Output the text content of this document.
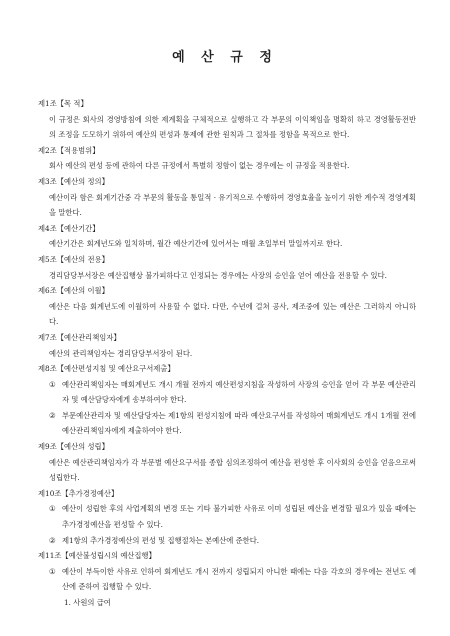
예 산 규 정
제1조【목 적】
이 규정은 회사의 경영방침에 의한 제계획을 구체적으로 실행하고 각 부문의 이익책임을 명확히 하고 경영활동전반의 조정을 도모하기 위하여 예산의 편성과 통제에 관한 원칙과 그 절차를 정함을 목적으로 한다.
제2조【적용범위】
회사 예산의 편성 등에 관하여 다른 규정에서 특별히 정함이 없는 경우에는 이 규정을 적용한다.
제3조【예산의 정의】
예산이라 함은 회계기간중 각 부문의 활동을 통일적 · 유기적으로 수행하여 경영효율을 높이기 위한 계수적 경영계획을 말한다.
제4조【예산기간】
예산기간은 회계년도와 일치하며, 월간 예산기간에 있어서는 매월 초일부터 말일까지로 한다.
제5조【예산의 전용】
경리담당부서장은 예산집행상 불가피하다고 인정되는 경우에는 사장의 승인을 얻어 예산을 전용할 수 있다.
제6조【예산의 이월】
예산은 다음 회계년도에 이월하여 사용할 수 없다. 다만, 수년에 걸쳐 공사, 제조중에 있는 예산은 그러하지 아니하다.
제7조【예산관리책임자】
예산의 관리책임자는 경리담당부서장이 된다.
제8조【예산편성지침 및 예산요구서제출】
① 예산관리책임자는 매회계년도 개시 개월 전까지 예산편성지침을 작성하여 사장의 승인을 얻어 각 부문 예산관리자 및 예산담당자에게 송부하여야 한다.
② 부문예산관리자 및 예산담당자는 제1항의 편성지침에 따라 예산요구서를 작성하여 매회계년도 개시 1개월 전에 예산관리책임자에게 제출하여야 한다.
제9조【예산의 성립】
예산은 예산관리책임자가 각 부문별 예산요구서를 종합 심의조정하여 예산을 편성한 후 이사회의 승인을 얻음으로써 성립한다.
제10조【추가경정예산】
① 예산이 성립한 후의 사업계획의 변경 또는 기타 불가피한 사유로 이미 성립된 예산을 변경할 필요가 있을 때에는 추가경정예산을 편성할 수 있다.
② 제1항의 추가경정예산의 편성 및 집행절차는 본예산에 준한다.
제11조【예산불성립시의 예산집행】
① 예산이 부득이한 사유로 인하여 회계년도 개시 전까지 성립되지 아니한 때에는 다음 각호의 경우에는 전년도 예산에 준하여 집행할 수 있다.
1. 사원의 급여
